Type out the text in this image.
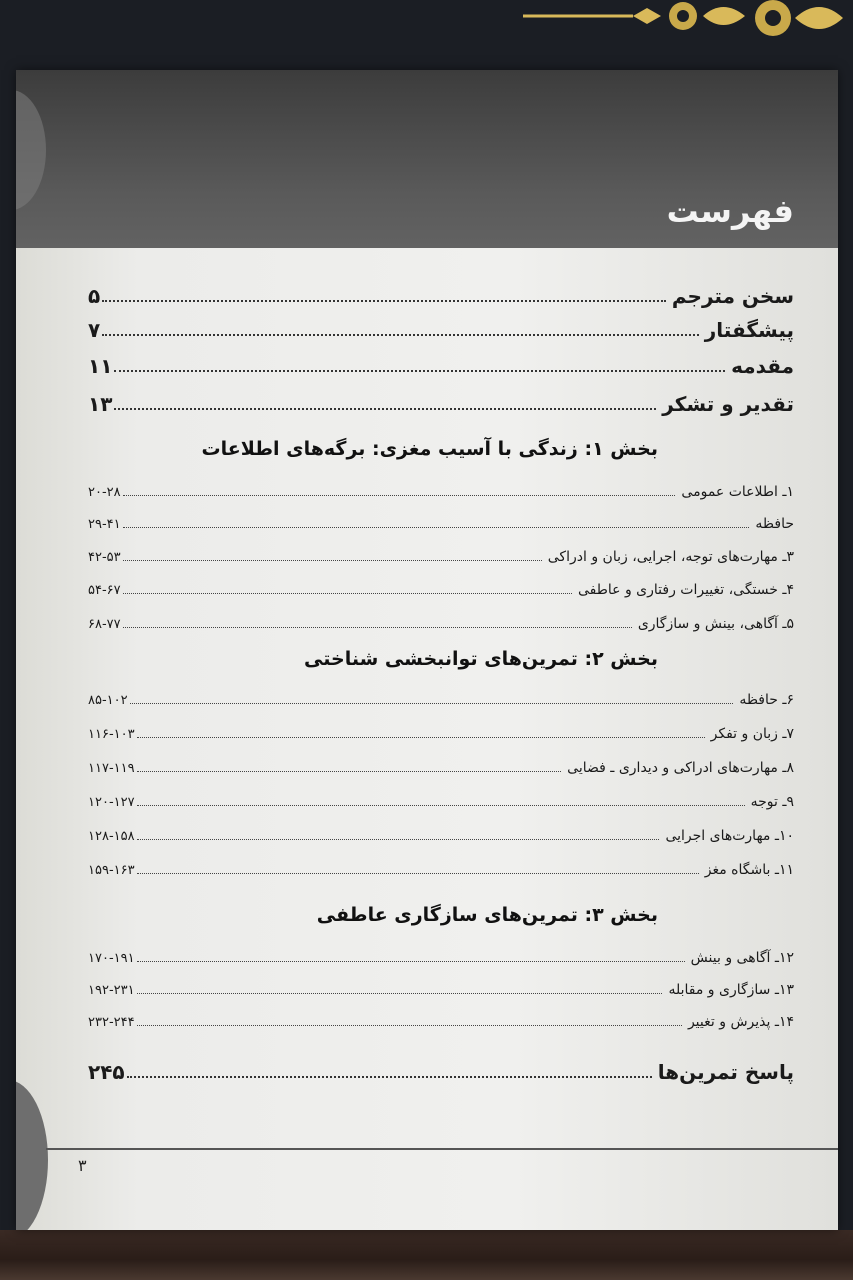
فهرست
سخن مترجم
۵
پیشگفتار
۷
مقدمه
۱۱
تقدیر و تشکر
۱۳
بخش ۱: زندگی با آسیب مغزی: برگه‌های اطلاعات
۱ـ اطلاعات عمومی
۲۰-۲۸
حافظه
۲۹-۴۱
۳ـ مهارت‌های توجه، اجرایی، زبان و ادراکی
۴۲-۵۳
۴ـ خستگی، تغییرات رفتاری و عاطفی
۵۴-۶۷
۵ـ آگاهی، بینش و سازگاری
۶۸-۷۷
بخش ۲: تمرین‌های توانبخشی شناختی
۶ـ حافظه
۸۵-۱۰۲
۷ـ زبان و تفکر
۱۱۶-۱۰۳
۸ـ مهارت‌های ادراکی و دیداری ـ فضایی
۱۱۷-۱۱۹
۹ـ توجه
۱۲۰-۱۲۷
۱۰ـ مهارت‌های اجرایی
۱۲۸-۱۵۸
۱۱ـ باشگاه مغز
۱۵۹-۱۶۳
بخش ۳: تمرین‌های سازگاری عاطفی
۱۲ـ آگاهی و بینش
۱۷۰-۱۹۱
۱۳ـ سازگاری و مقابله
۱۹۲-۲۳۱
۱۴ـ پذیرش و تغییر
۲۳۲-۲۴۴
پاسخ تمرین‌ها
۲۴۵
۳
